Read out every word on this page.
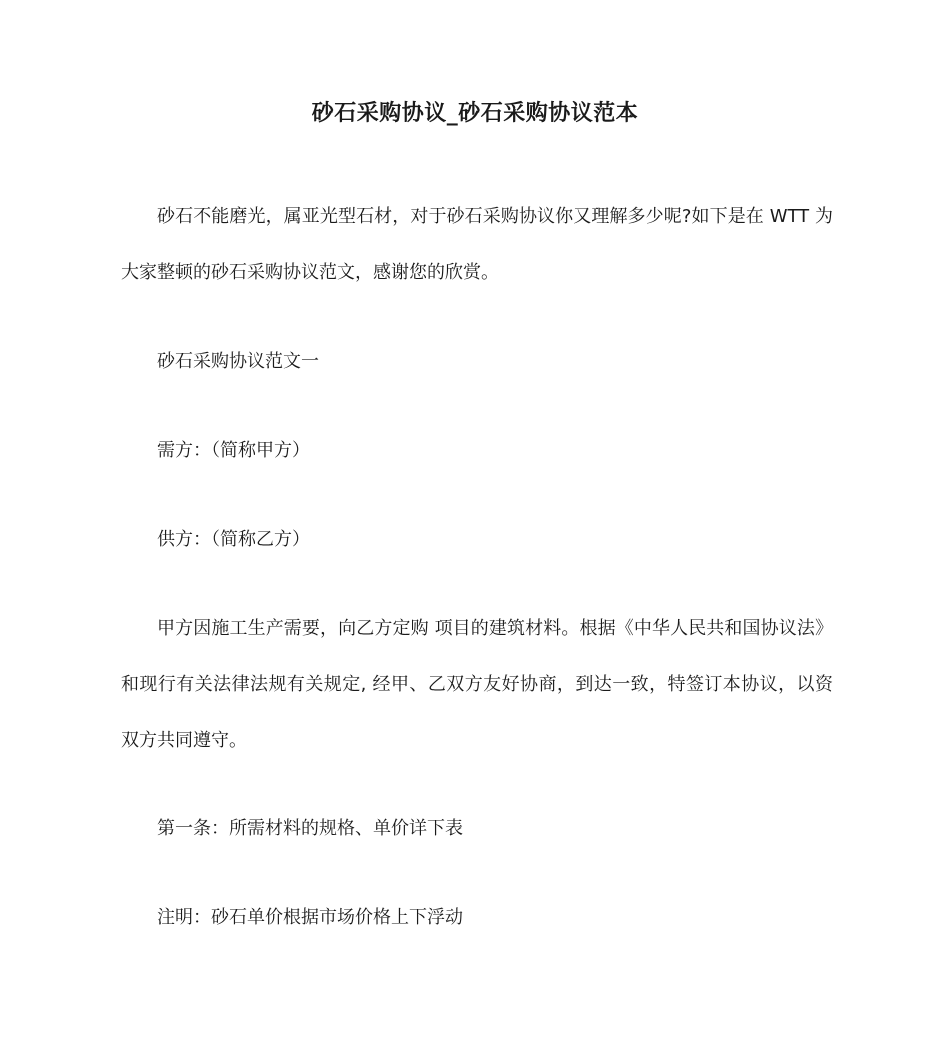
砂石采购协议_砂石采购协议范本

砂石不能磨光，属亚光型石材，对于砂石采购协议你又理解多少呢?如下是在 WTT 为大家整顿的砂石采购协议范文，感谢您的欣赏。

砂石采购协议范文一

需方：（简称甲方）

供方：（简称乙方）

甲方因施工生产需要，向乙方定购 项目的建筑材料。根据《中华人民共和国协议法》和现行有关法律法规有关规定, 经甲、乙双方友好协商，到达一致，特签订本协议，以资双方共同遵守。

第一条：所需材料的规格、单价详下表

注明：砂石单价根据市场价格上下浮动
